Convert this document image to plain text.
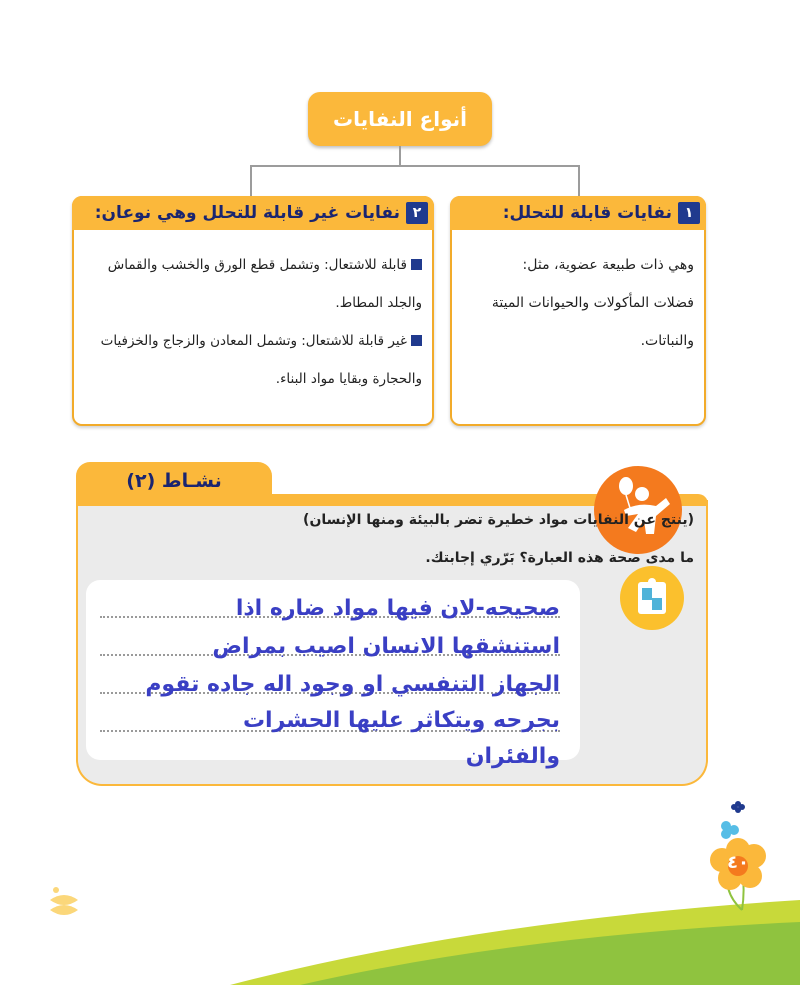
أنواع النفايات
١
نفايات قابلة للتحلل:
وهي ذات طبيعة عضوية، مثل:
فضلات المأكولات والحيوانات الميتة
والنباتات.
٢
نفايات غير قابلة للتحلل وهي نوعان:
قابلة للاشتعال: وتشمل قطع الورق والخشب والقماش
والجلد المطاط.
غير قابلة للاشتعال: وتشمل المعادن والزجاج والخزفيات
والحجارة وبقايا مواد البناء.
نشـاط (٢)
(ينتج عن النفايات مواد خطيرة تضر بالبيئة ومنها الإنسان)
ما مدى صحة هذه العبارة؟ بَرّري إجابتك.
صحيحه-لان فيها مواد ضاره اذا
استنشقها الانسان اصيب بمراض
الجهاز التنفسي او وجود اله جاده تقوم
بجرحه ويتكاثر عليها الحشرات
والفئران
٤٠
